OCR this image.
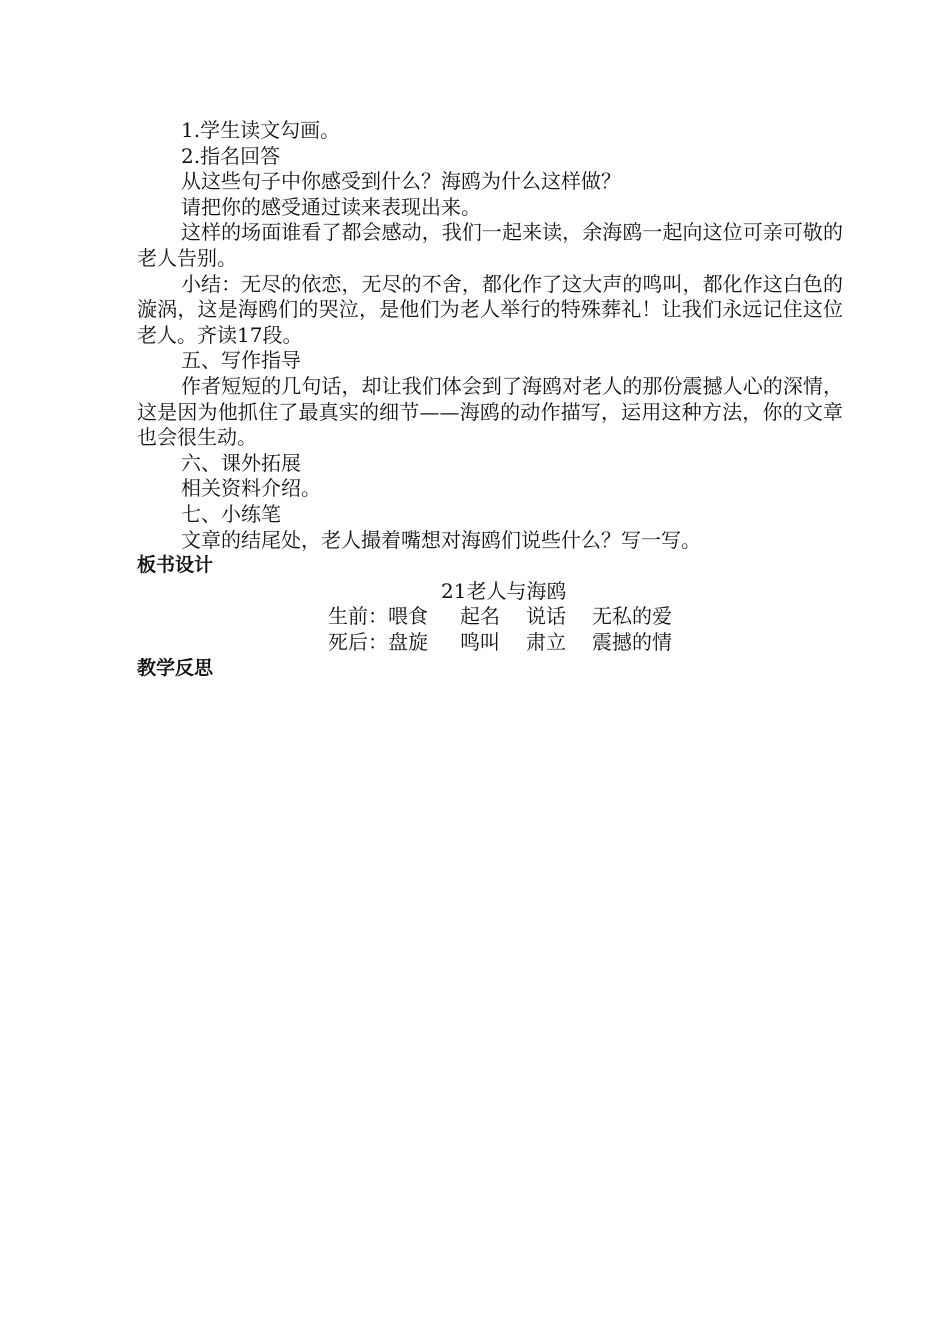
1.学生读文勾画。

2.指名回答

从这些句子中你感受到什么？海鸥为什么这样做？

请把你的感受通过读来表现出来。

这样的场面谁看了都会感动，我们一起来读，余海鸥一起向这位可亲可敬的老人告别。

小结：无尽的依恋，无尽的不舍，都化作了这大声的鸣叫，都化作这白色的漩涡，这是海鸥们的哭泣，是他们为老人举行的特殊葬礼！让我们永远记住这位老人。齐读17段。

五、写作指导

作者短短的几句话，却让我们体会到了海鸥对老人的那份震撼人心的深情，这是因为他抓住了最真实的细节——海鸥的动作描写，运用这种方法，你的文章也会很生动。

六、课外拓展

相关资料介绍。

七、小练笔

文章的结尾处，老人撮着嘴想对海鸥们说些什么？写一写。

板书设计
21老人与海鸥
生前：喂食 起名 说话 无私的爱
死后：盘旋 鸣叫 肃立 震撼的情
教学反思
